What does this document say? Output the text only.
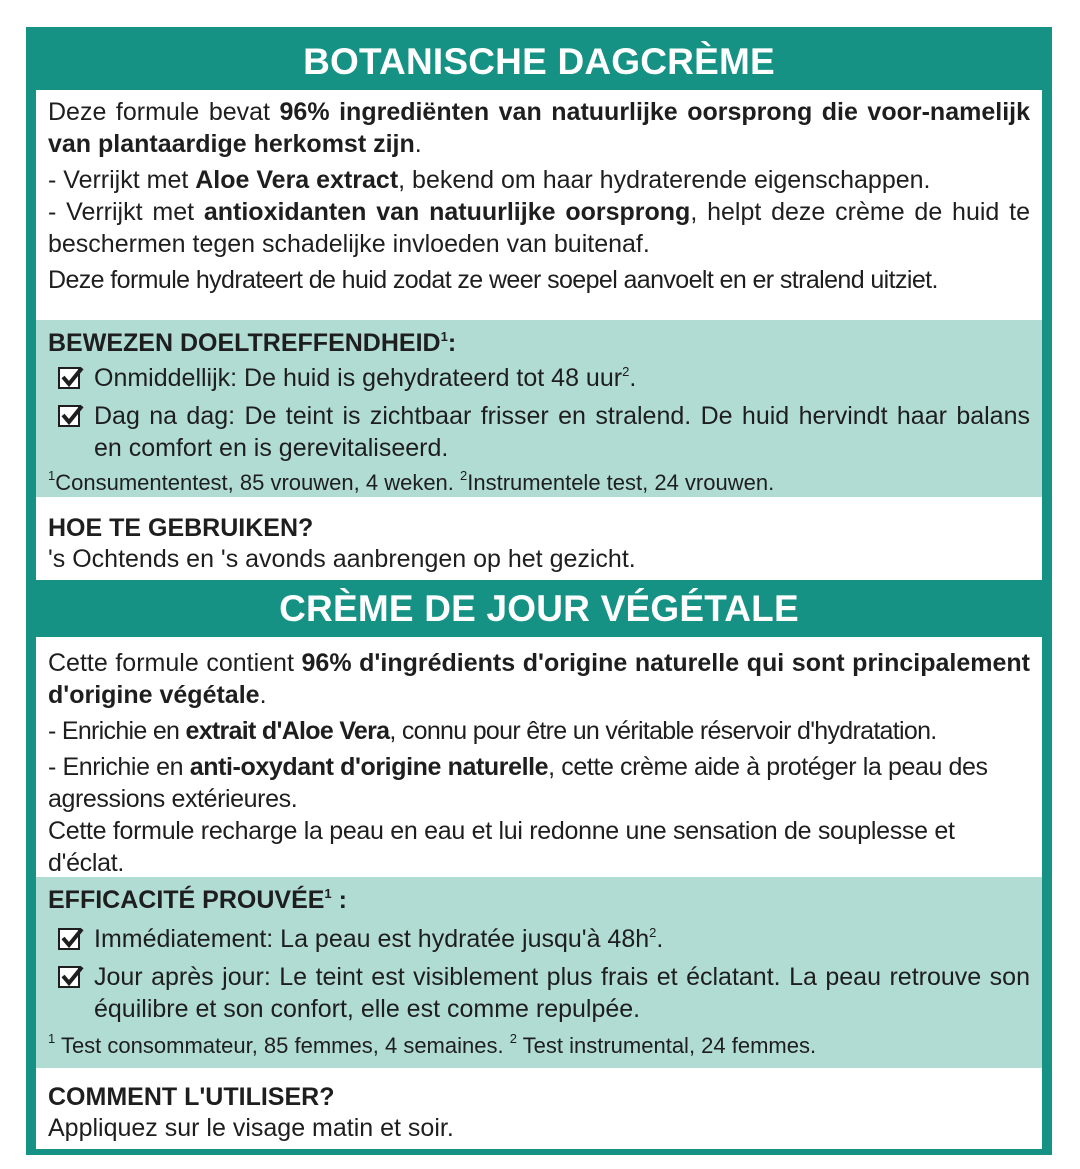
BOTANISCHE DAGCRÈME

Deze formule bevat 96% ingrediënten van natuurlijke oorsprong die voor-namelijk van plantaardige herkomst zijn.

- Verrijkt met Aloe Vera extract, bekend om haar hydraterende eigenschappen.

- Verrijkt met antioxidanten van natuurlijke oorsprong, helpt deze crème de huid te beschermen tegen schadelijke invloeden van buitenaf.

Deze formule hydrateert de huid zodat ze weer soepel aanvoelt en er stralend uitziet.

BEWEZEN DOELTREFFENDHEID$^1$:

Onmiddellijk: De huid is gehydrateerd tot 48 uur$^2$.

Dag na dag: De teint is zichtbaar frisser en stralend. De huid hervindt haar balans en comfort en is gerevitaliseerd.

$^1$Consumententest, 85 vrouwen, 4 weken. $^2$Instrumentele test, 24 vrouwen.

HOE TE GEBRUIKEN?

's Ochtends en 's avonds aanbrengen op het gezicht.

CRÈME DE JOUR VÉGÉTALE

Cette formule contient 96% d'ingrédients d'origine naturelle qui sont principalement d'origine végétale.

- Enrichie en extrait d'Aloe Vera, connu pour être un véritable réservoir d'hydratation.

- Enrichie en anti-oxydant d'origine naturelle, cette crème aide à protéger la peau des agressions extérieures.

Cette formule recharge la peau en eau et lui redonne une sensation de souplesse et d'éclat.

EFFICACITÉ PROUVÉE$^1$ :

Immédiatement: La peau est hydratée jusqu'à $48h^2$.

Jour après jour: Le teint est visiblement plus frais et éclatant. La peau retrouve son équilibre et son confort, elle est comme repulpée.

$^1$ Test consommateur, 85 femmes, 4 semaines. $^2$ Test instrumental, 24 femmes.

COMMENT L'UTILISER?

Appliquez sur le visage matin et soir.
